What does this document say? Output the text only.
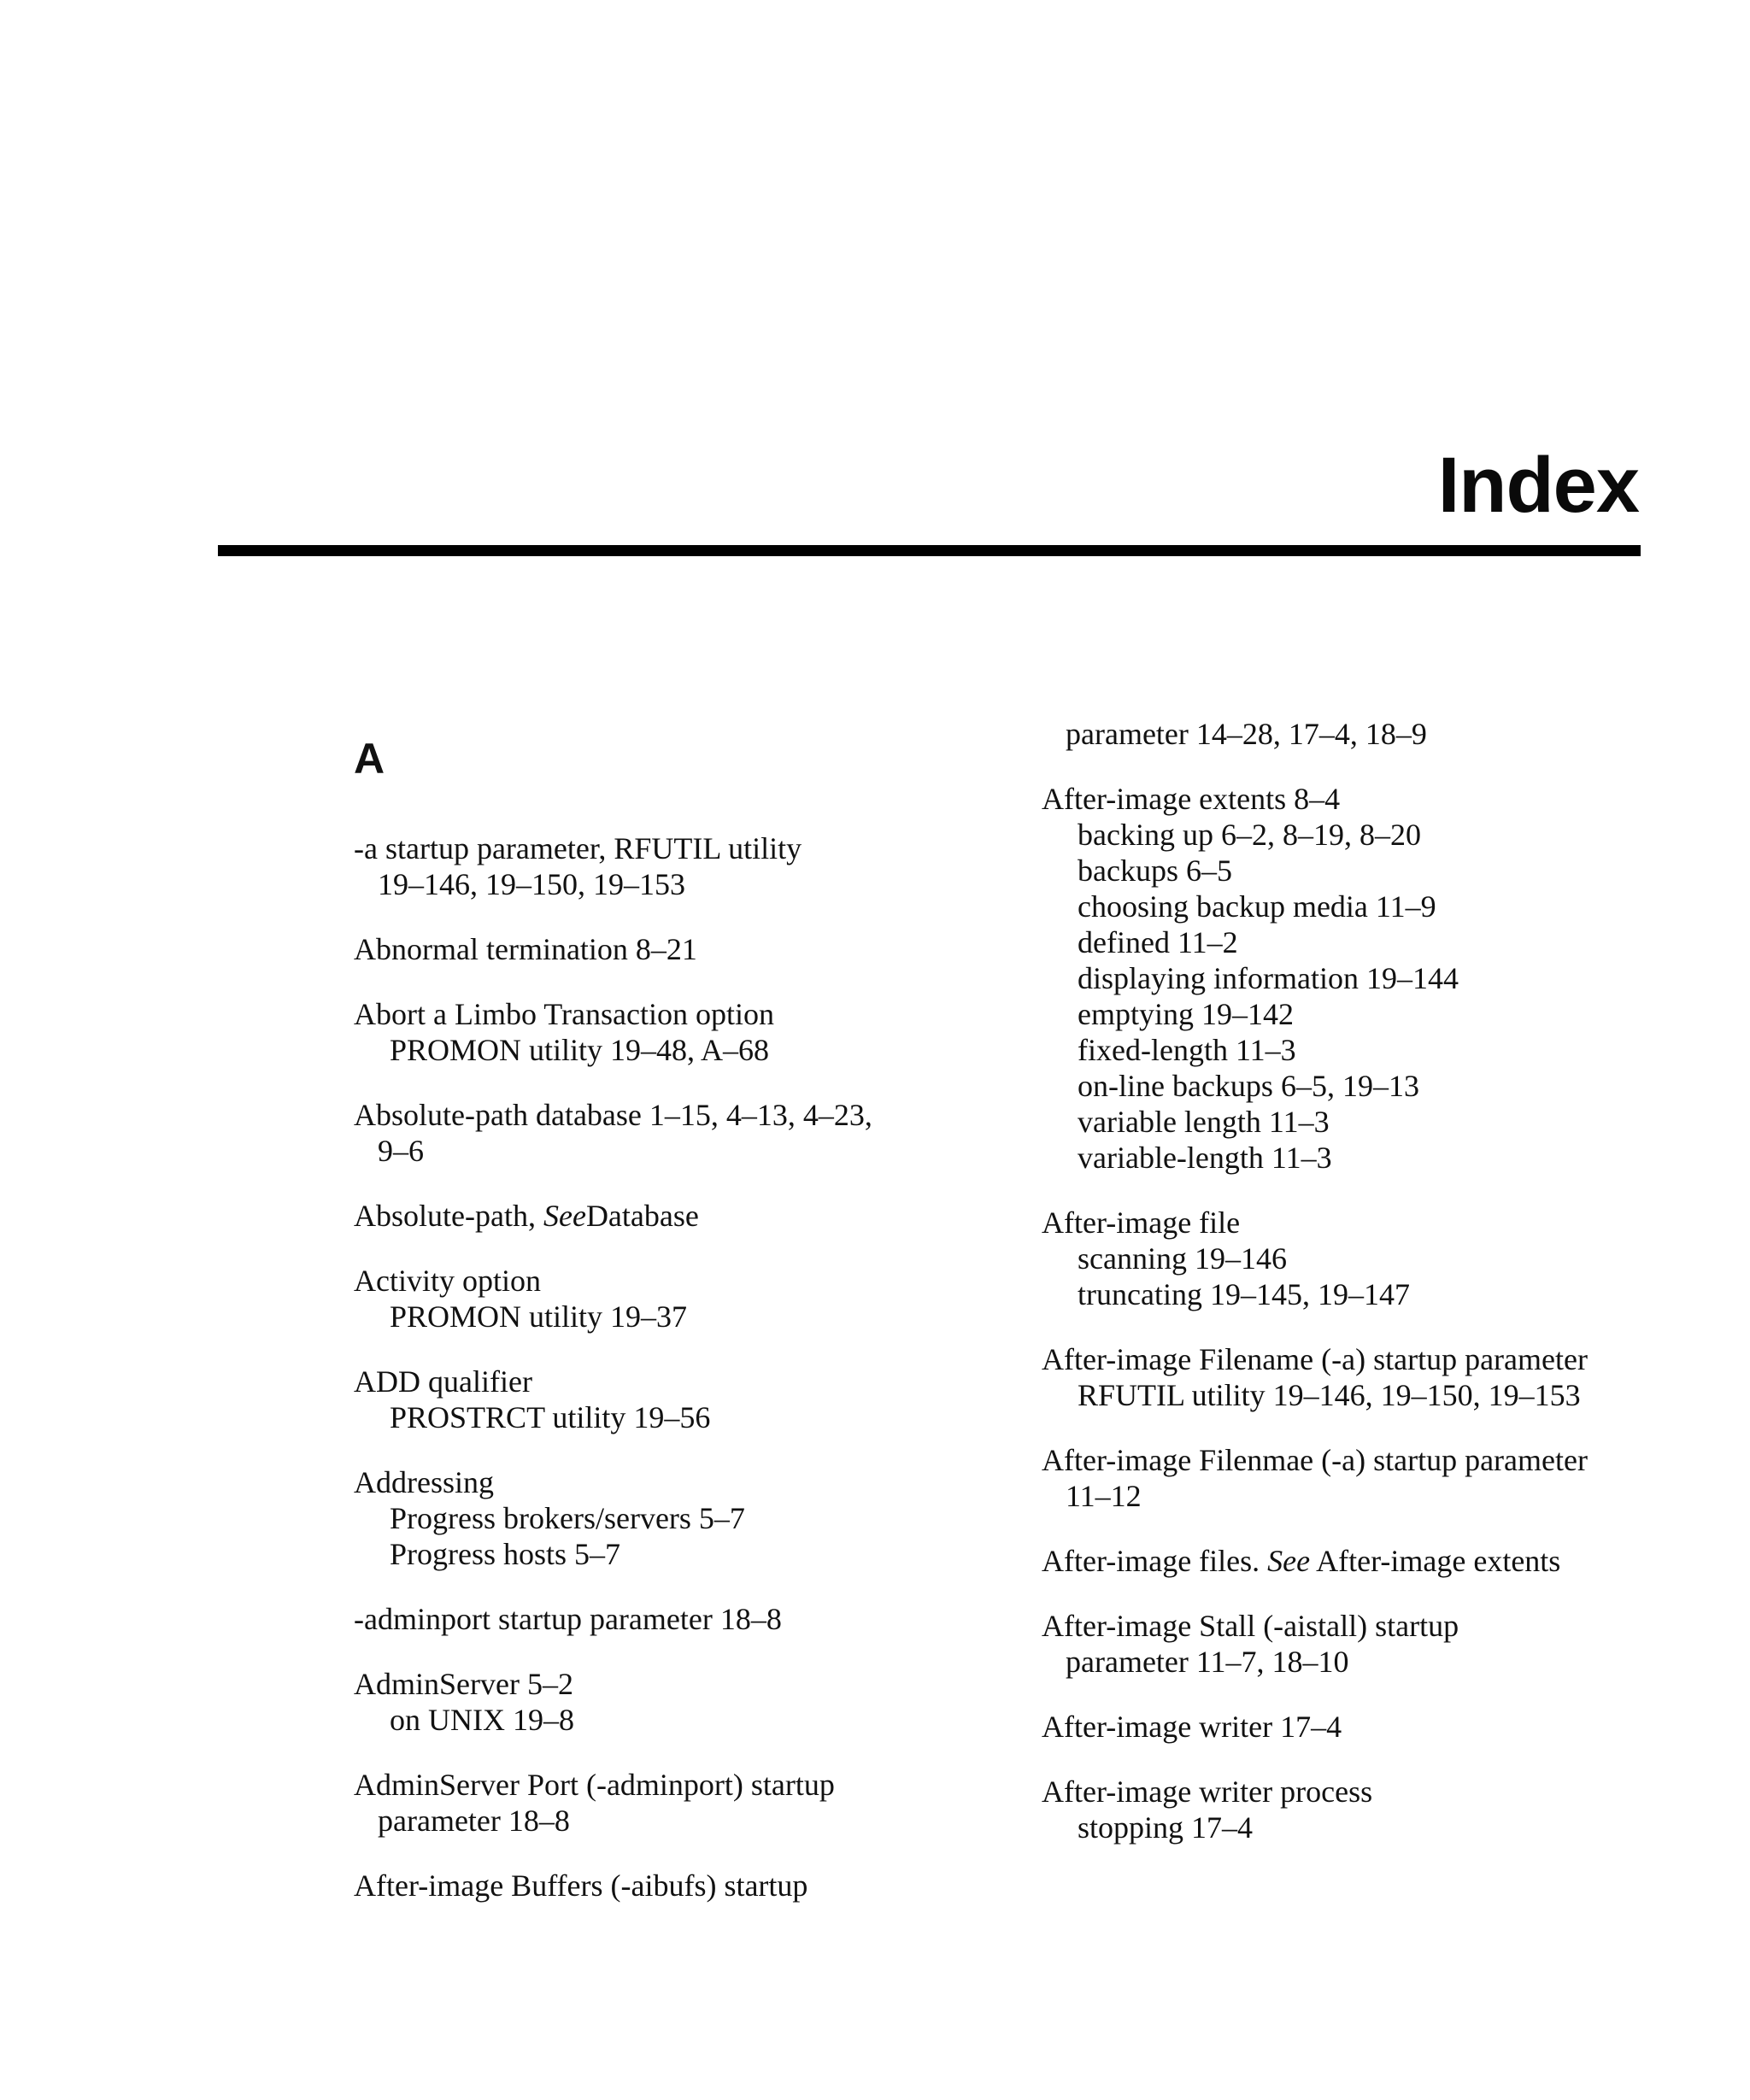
Index
A
-a startup parameter, RFUTIL utility
19–146, 19–150, 19–153
Abnormal termination 8–21
Abort a Limbo Transaction option
PROMON utility 19–48, A–68
Absolute-path database 1–15, 4–13, 4–23,
9–6
Absolute-path, SeeDatabase
Activity option
PROMON utility 19–37
ADD qualifier
PROSTRCT utility 19–56
Addressing
Progress brokers/servers 5–7
Progress hosts 5–7
-adminport startup parameter 18–8
AdminServer 5–2
on UNIX 19–8
AdminServer Port (-adminport) startup
parameter 18–8
After-image Buffers (-aibufs) startup
parameter 14–28, 17–4, 18–9
After-image extents 8–4
backing up 6–2, 8–19, 8–20
backups 6–5
choosing backup media 11–9
defined 11–2
displaying information 19–144
emptying 19–142
fixed-length 11–3
on-line backups 6–5, 19–13
variable length 11–3
variable-length 11–3
After-image file
scanning 19–146
truncating 19–145, 19–147
After-image Filename (-a) startup parameter
RFUTIL utility 19–146, 19–150, 19–153
After-image Filenmae (-a) startup parameter
11–12
After-image files. See After-image extents
After-image Stall (-aistall) startup
parameter 11–7, 18–10
After-image writer 17–4
After-image writer process
stopping 17–4
